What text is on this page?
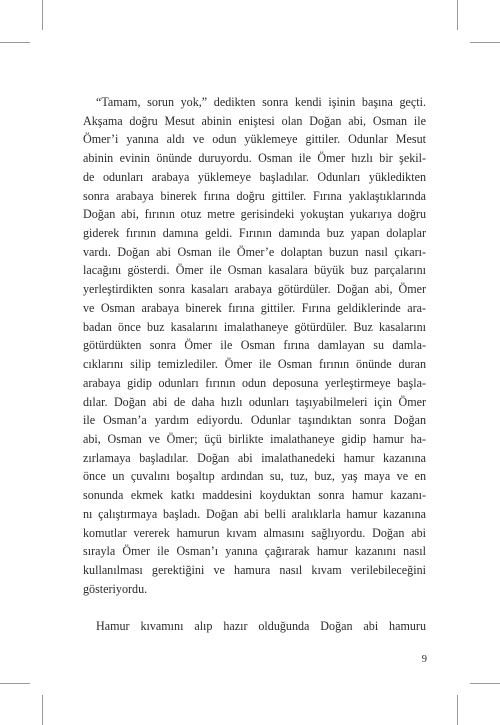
“Tamam, sorun yok,” dedikten sonra kendi işinin başına geçti.
Akşama doğru Mesut abinin eniştesi olan Doğan abi, Osman ile
Ömer’i yanına aldı ve odun yüklemeye gittiler. Odunlar Mesut
abinin evinin önünde duruyordu. Osman ile Ömer hızlı bir şekil-
de odunları arabaya yüklemeye başladılar. Odunları yükledikten
sonra arabaya binerek fırına doğru gittiler. Fırına yaklaştıklarında
Doğan abi, fırının otuz metre gerisindeki yokuştan yukarıya doğru
giderek fırının damına geldi. Fırının damında buz yapan dolaplar
vardı. Doğan abi Osman ile Ömer’e dolaptan buzun nasıl çıkarı-
lacağını gösterdi. Ömer ile Osman kasalara büyük buz parçalarını
yerleştirdikten sonra kasaları arabaya götürdüler. Doğan abi, Ömer
ve Osman arabaya binerek fırına gittiler. Fırına geldiklerinde ara-
badan önce buz kasalarını imalathaneye götürdüler. Buz kasalarını
götürdükten sonra Ömer ile Osman fırına damlayan su damla-
cıklarını silip temizlediler. Ömer ile Osman fırının önünde duran
arabaya gidip odunları fırının odun deposuna yerleştirmeye başla-
dılar. Doğan abi de daha hızlı odunları taşıyabilmeleri için Ömer
ile Osman’a yardım ediyordu. Odunlar taşındıktan sonra Doğan
abi, Osman ve Ömer; üçü birlikte imalathaneye gidip hamur ha-
zırlamaya başladılar. Doğan abi imalathanedeki hamur kazanına
önce un çuvalını boşaltıp ardından su, tuz, buz, yaş maya ve en
sonunda ekmek katkı maddesini koyduktan sonra hamur kazanı-
nı çalıştırmaya başladı. Doğan abi belli aralıklarla hamur kazanına
komutlar vererek hamurun kıvam almasını sağlıyordu. Doğan abi
sırayla Ömer ile Osman’ı yanına çağırarak hamur kazanını nasıl
kullanılması gerektiğini ve hamura nasıl kıvam verilebileceğini
gösteriyordu.
Hamur kıvamını alıp hazır olduğunda Doğan abi hamuru
9
